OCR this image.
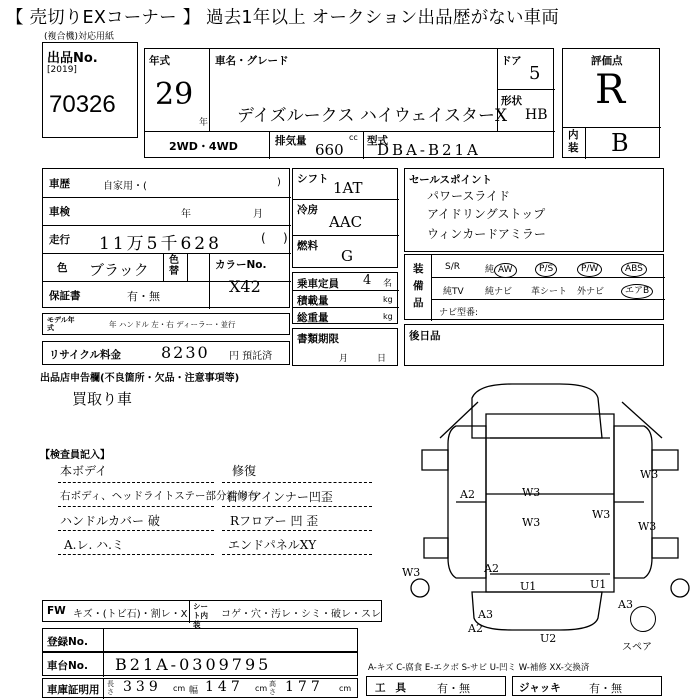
【 売切りEXコーナー 】 過去1年以上 オークション出品歴がない車両
(複合機)対応用紙
出品No.
[2019]
70326
年式
29
年
車名・グレード
デイズルークス ハイウェイスターX
ドア
5
形状
HB
2WD・4WD	排気量	cc
660 型式
DBA-B21A
評価点
R
内装 B
車歴	自家用・(	)
車検	年	月
走行 11万5千628	( )
色 ブラック
色替
カラーNo.
X42
保証書	有・無
モデル年式	年 ハンドル 左・右 ディーラー・並行
リサイクル料金 8230 円 預託済
シフト 1AT
冷房
AAC
燃料
G
乗車定員 4 名
積載量	kg
総重量	kg
書類期限
月	日
セールスポイント
パワースライド
アイドリングストップ
ウィンカードアミラー
装備品
S/R	純 AW	P/S	P/W	ABS
純TV 純ナビ 革シート 外ナビ	エアB
ナビ型番:
後日品
出品店申告欄(不良箇所・欠品・注意事項等)
買取り車
【検査員記入】
本ボデイ
右ボディ、ヘッドライトステー部分補修有
ハンドルカバー 破
A.レ. ハ.ミ
修復
右リアインナー凹歪
Rフロアー 凹 歪
エンドパネルXY
W3
W3
W3
A2
W3	W3
A2
U1
A3
A3
A2
U2
U1
W3
スペア
FW キズ・(トビ石)・割レ・X
シート内装
コゲ・穴・汚レ・シミ・破レ・スレ
登録No.
車台No. B21A-0309795
車庫証明用 長さ 339 cm 幅 147 cm 高さ 177 cm
A-キズ C-腐食 E-エクボ S-サビ U-凹ミ W-補修 XX-交換済
工具 有・無	ジャッキ	有・無
